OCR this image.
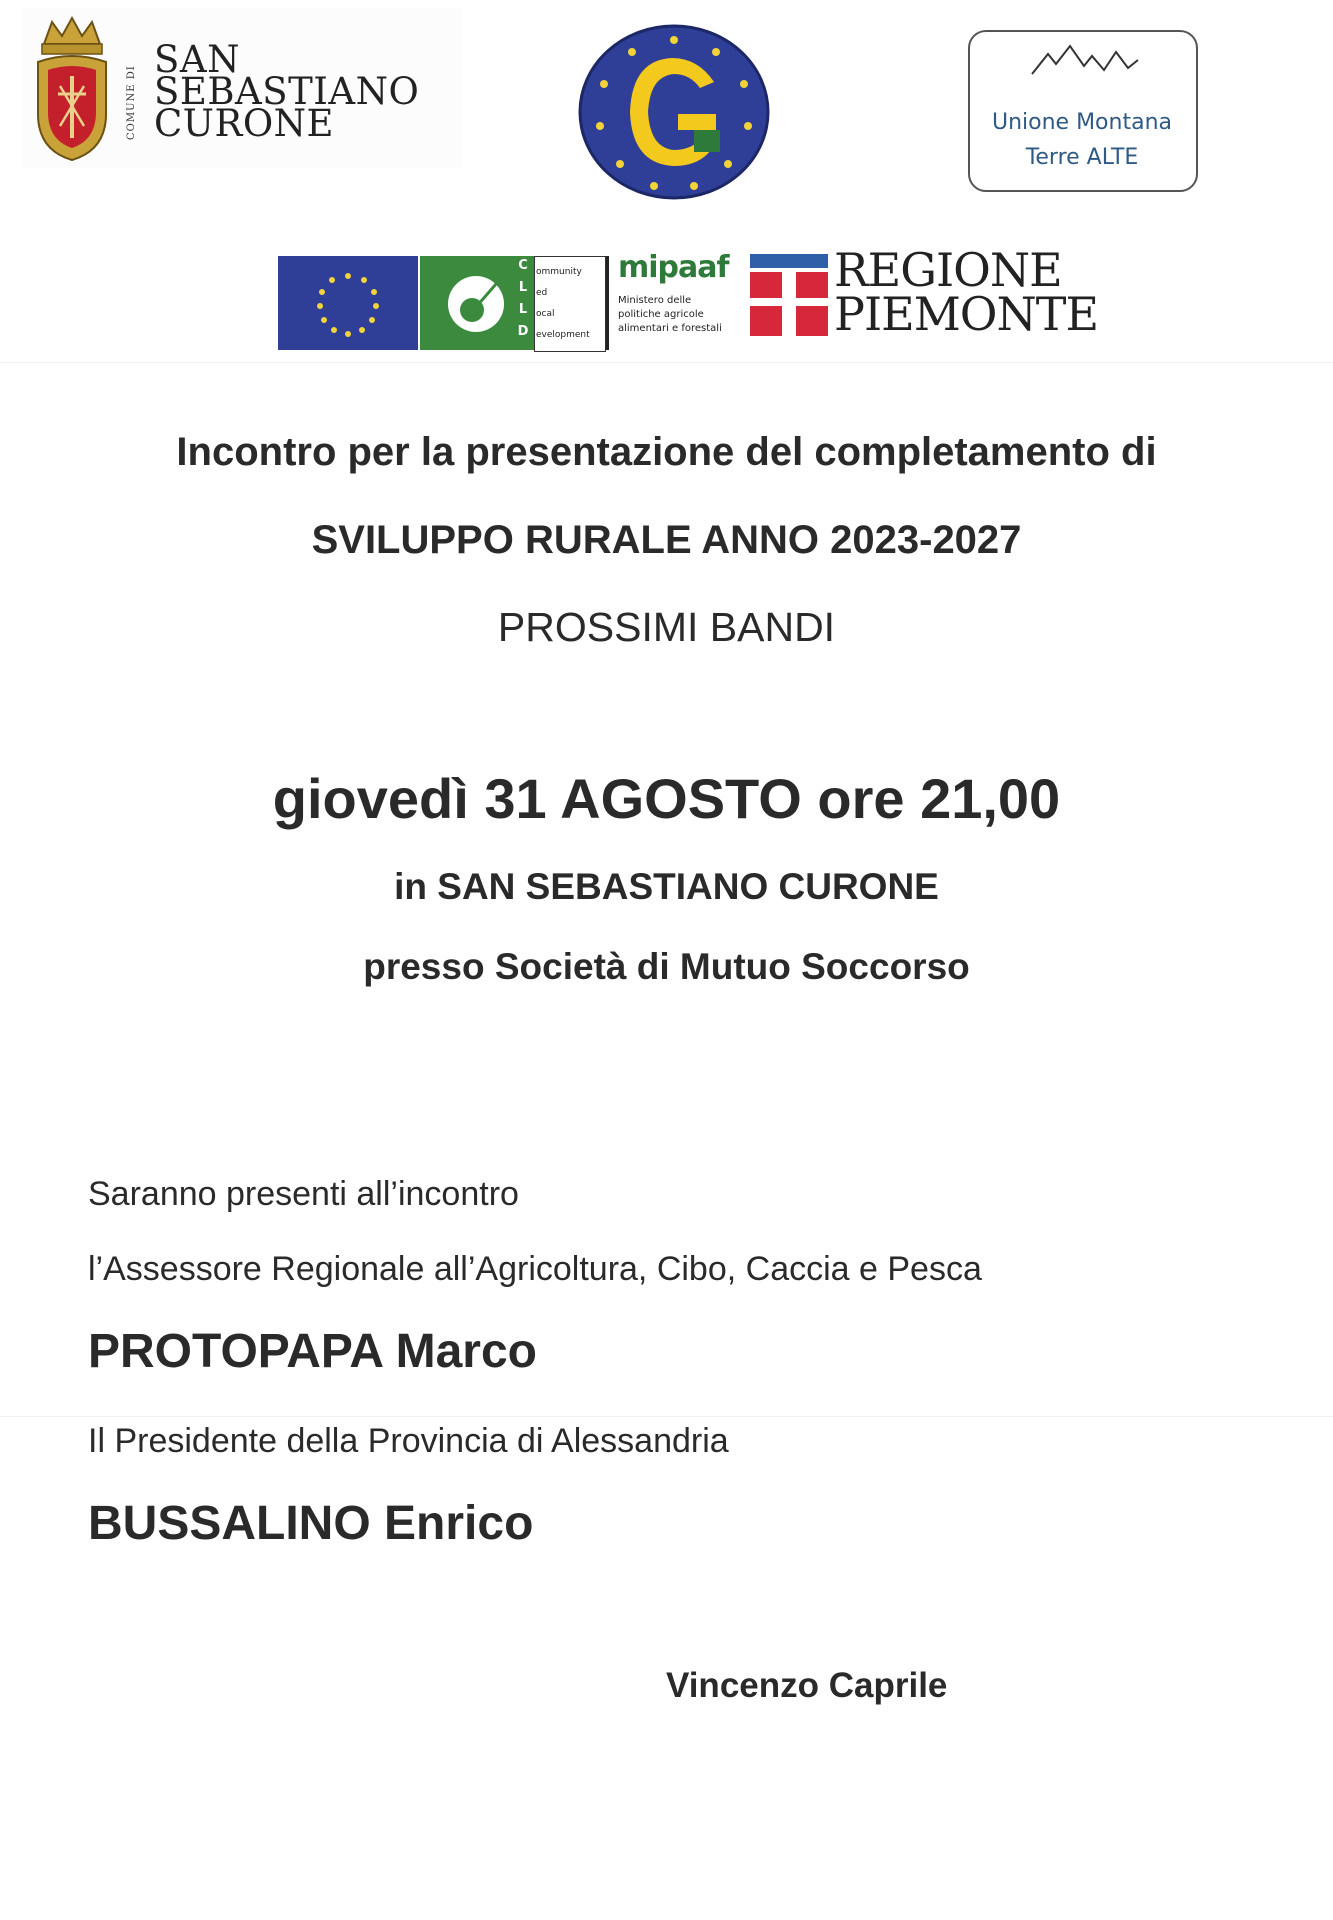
COMUNE DI
SAN
SEBASTIANO
CURONE	Unione Montana
Terre ALTE
C
L
L
D
ommunity
ed
ocal
evelopment
mipaaf
Ministero delle
politiche agricole
alimentari e forestali
REGIONE
PIEMONTE
Incontro per la presentazione del completamento di
SVILUPPO RURALE ANNO 2023-2027
PROSSIMI BANDI
giovedì 31 AGOSTO ore 21,00
in SAN SEBASTIANO CURONE
presso Società di Mutuo Soccorso
Saranno presenti all’incontro
l’Assessore Regionale all’Agricoltura, Cibo, Caccia e Pesca
PROTOPAPA Marco
Il Presidente della Provincia di Alessandria
BUSSALINO Enrico
Vincenzo Caprile
